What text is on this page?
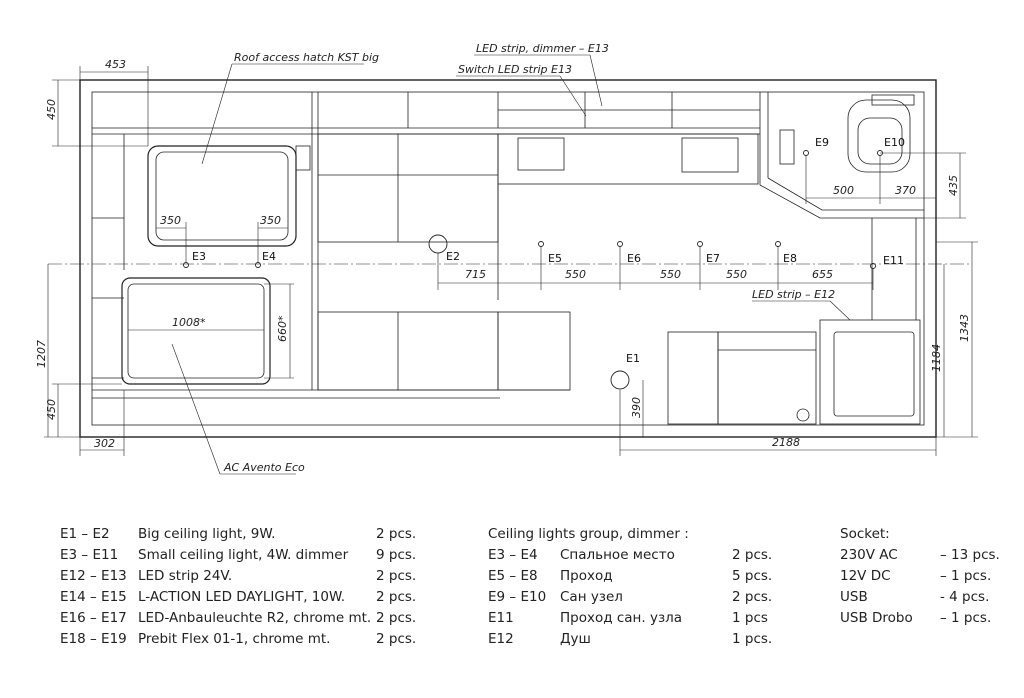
E1
E2
E3	E4	E5	E6	E7	E8
E9	E10
E11
453
450
1207
450
302
1008*	660*
350	350
715	550	550	550	655
390
2188
500	370	435
1343
1184
Roof access hatch KST big
LED strip, dimmer – E13
Switch LED strip E13
LED strip – E12
AC Avento Eco
E1 – E2	Big ceiling light, 9W.	2 pcs.
E3 – E11	Small ceiling light, 4W. dimmer	9 pcs.
E12 – E13 LED strip 24V.	2 pcs.
E14 – E15 L-ACTION LED DAYLIGHT, 10W.	2 pcs.
E16 – E17 LED-Anbauleuchte R2, chrome mt. 2 pcs.
E18 – E19 Prebit Flex 01-1, chrome mt.	2 pcs.
Ceiling lights group, dimmer :
E3 – E4	Спальное место	2 pcs.
E5 – E8	Проход	5 pcs.
E9 – E10	Сан узел	2 pcs.
E11	Проход сан. узла	1 pcs
E12	Душ	1 pcs.
Socket:
230V AC	– 13 pcs.
12V DC	– 1 pcs.
USB	- 4 pcs.
USB Drobo	– 1 pcs.
